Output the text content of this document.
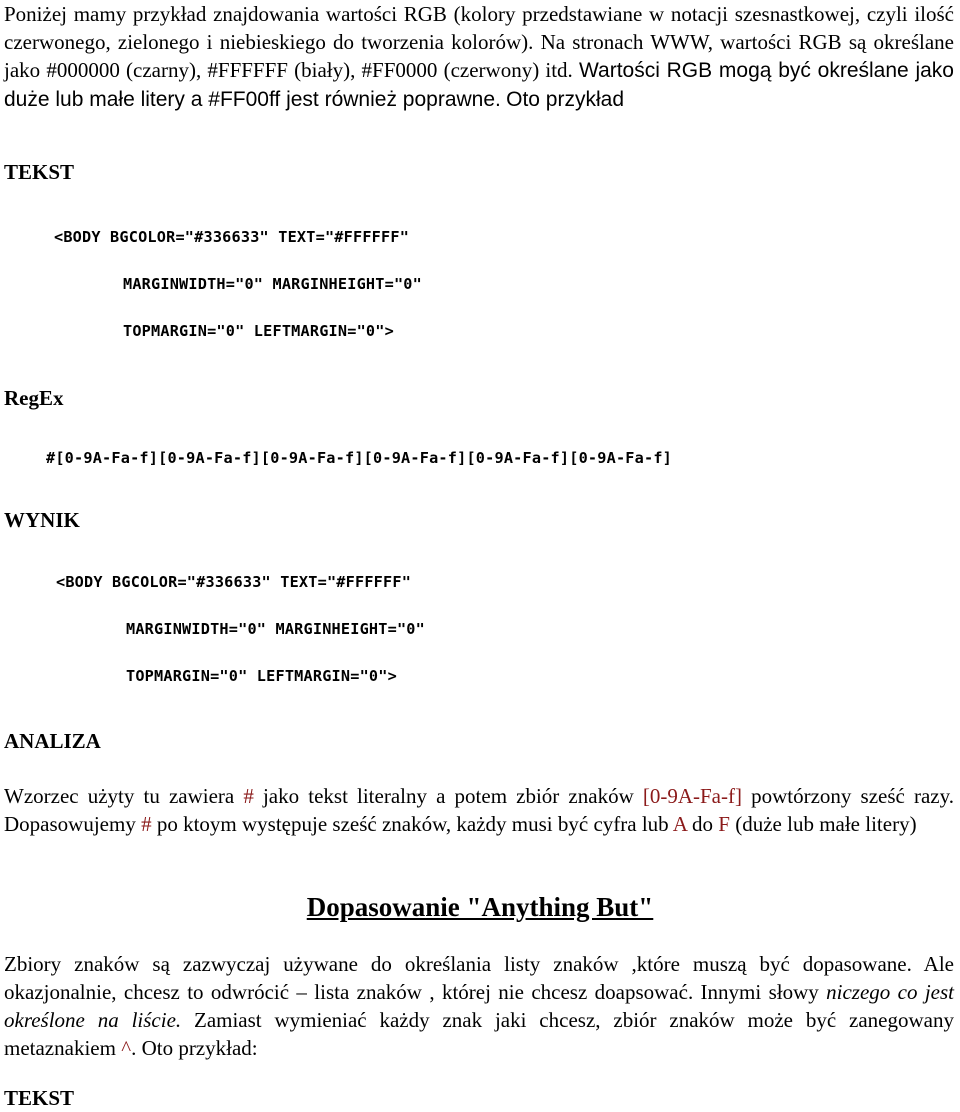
Poniżej mamy przykład znajdowania wartości RGB (kolory przedstawiane w notacji szesnastkowej, czyli ilość czerwonego, zielonego i niebieskiego do tworzenia kolorów). Na stronach WWW, wartości RGB są określane jako #000000 (czarny), #FFFFFF (biały), #FF0000 (czerwony) itd. Wartości RGB mogą być określane jako duże lub małe litery a #FF00ff jest również poprawne. Oto przykład

TEKST

<BODY BGCOLOR="#336633" TEXT="#FFFFFF"

MARGINWIDTH="0" MARGINHEIGHT="0"

TOPMARGIN="0" LEFTMARGIN="0">

RegEx

#[0-9A-Fa-f][0-9A-Fa-f][0-9A-Fa-f][0-9A-Fa-f][0-9A-Fa-f][0-9A-Fa-f]

WYNIK

<BODY BGCOLOR="#336633" TEXT="#FFFFFF"

MARGINWIDTH="0" MARGINHEIGHT="0"

TOPMARGIN="0" LEFTMARGIN="0">

ANALIZA

Wzorzec użyty tu zawiera # jako tekst literalny a potem zbiór znaków [0-9A-Fa-f] powtórzony sześć razy. Dopasowujemy # po ktoym występuje sześć znaków, każdy musi być cyfra lub A do F (duże lub małe litery)

Dopasowanie "Anything But"

Zbiory znaków są zazwyczaj używane do określania listy znaków ,które muszą być dopasowane. Ale okazjonalnie, chcesz to odwrócić – lista znaków , której nie chcesz doapsować. Innymi słowy niczego co jest określone na liście. Zamiast wymieniać każdy znak jaki chcesz, zbiór znaków może być zanegowany metaznakiem ^. Oto przykład:

TEKST
